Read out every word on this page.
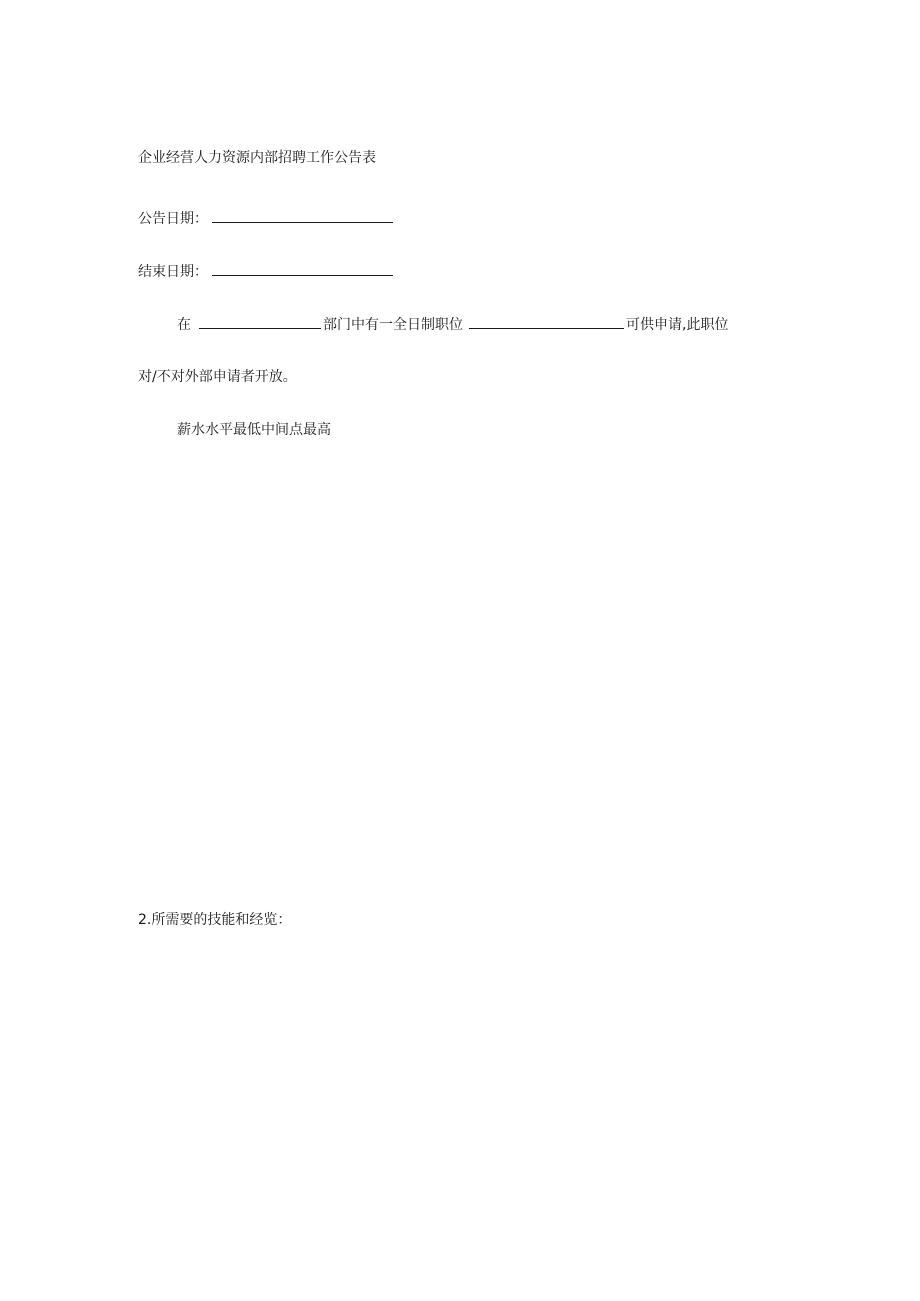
企业经营人力资源内部招聘工作公告表
公告日期：
结束日期：
在	部门中有一全日制职位	可供申请,此职位
对/不对外部申请者开放。
薪水水平最低中间点最高
2.所需要的技能和经览：
